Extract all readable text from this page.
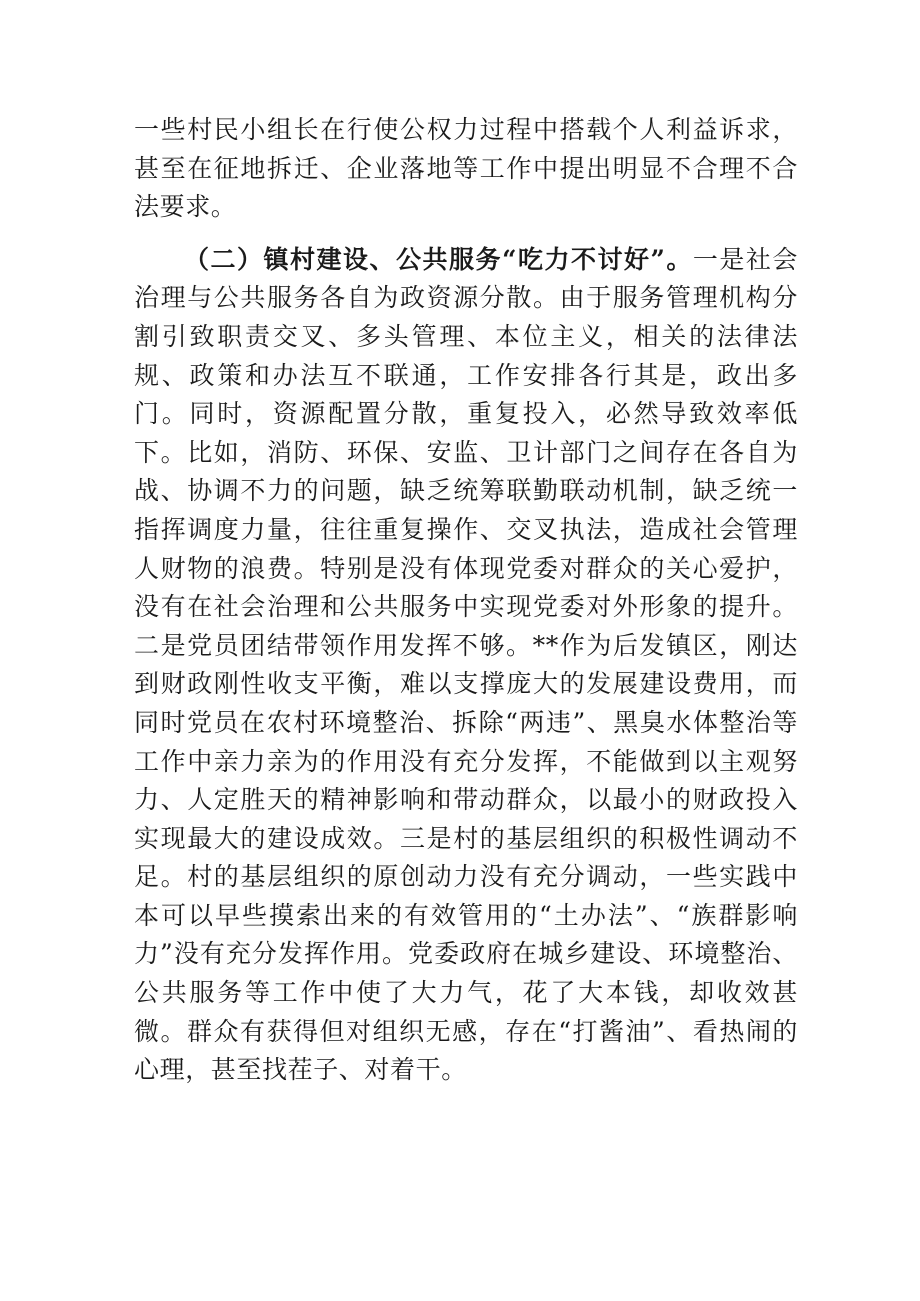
一些村民小组长在行使公权力过程中搭载个人利益诉求，甚至在征地拆迁、企业落地等工作中提出明显不合理不合法要求。

（二）镇村建设、公共服务“吃力不讨好”。一是社会治理与公共服务各自为政资源分散。由于服务管理机构分割引致职责交叉、多头管理、本位主义，相关的法律法规、政策和办法互不联通，工作安排各行其是，政出多门。同时，资源配置分散，重复投入，必然导致效率低下。比如，消防、环保、安监、卫计部门之间存在各自为战、协调不力的问题，缺乏统筹联勤联动机制，缺乏统一指挥调度力量，往往重复操作、交叉执法，造成社会管理人财物的浪费。特别是没有体现党委对群众的关心爱护，没有在社会治理和公共服务中实现党委对外形象的提升。二是党员团结带领作用发挥不够。**作为后发镇区，刚达到财政刚性收支平衡，难以支撑庞大的发展建设费用，而同时党员在农村环境整治、拆除“两违”、黑臭水体整治等工作中亲力亲为的作用没有充分发挥，不能做到以主观努力、人定胜天的精神影响和带动群众，以最小的财政投入实现最大的建设成效。三是村的基层组织的积极性调动不足。村的基层组织的原创动力没有充分调动，一些实践中本可以早些摸索出来的有效管用的“土办法”、“族群影响力”没有充分发挥作用。党委政府在城乡建设、环境整治、公共服务等工作中使了大力气，花了大本钱，却收效甚微。群众有获得但对组织无感，存在“打酱油”、看热闹的心理，甚至找茬子、对着干。
